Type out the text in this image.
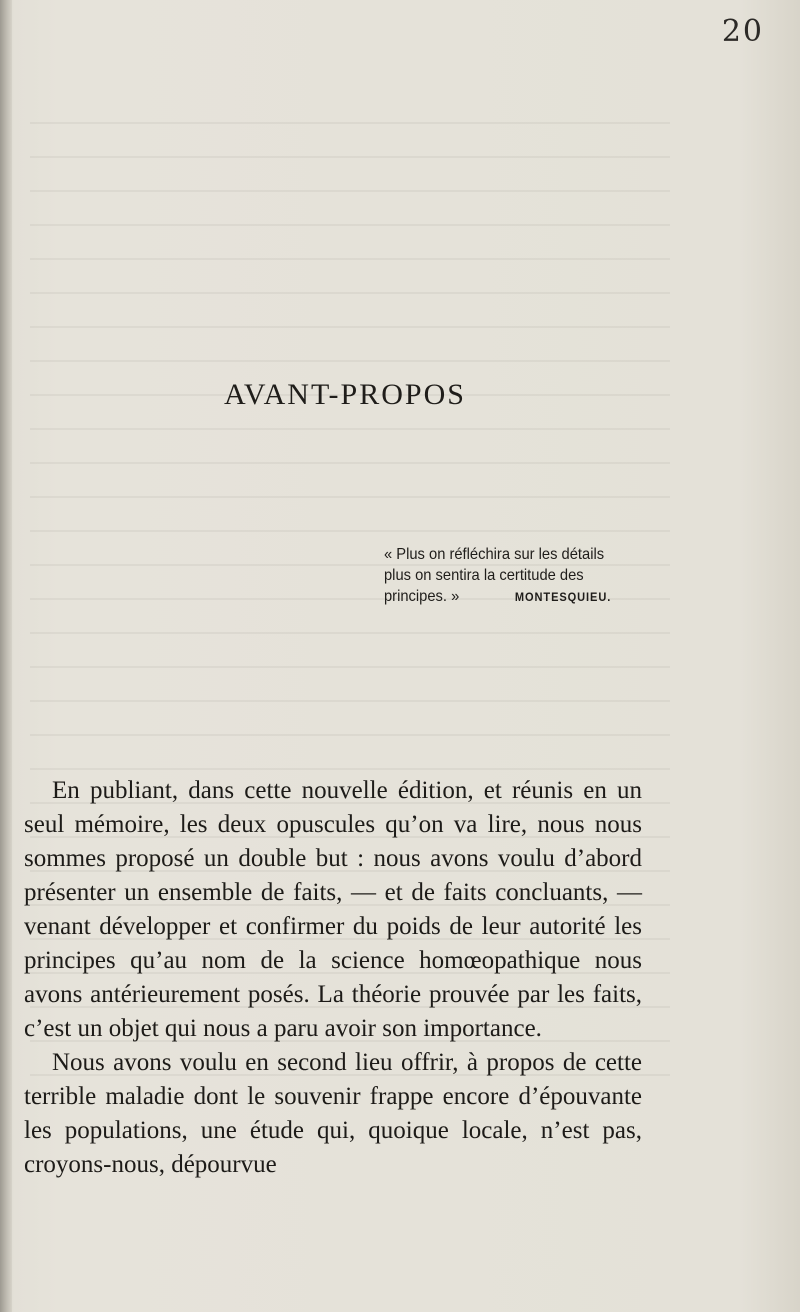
20
AVANT-PROPOS
« Plus on réfléchira sur les détails plus on sentira la certitude des principes. »	MONTESQUIEU.

En publiant, dans cette nouvelle édition, et réunis en un seul mémoire, les deux opuscules qu’on va lire, nous nous sommes proposé un double but : nous avons voulu d’abord présenter un ensemble de faits, — et de faits concluants, — venant développer et confirmer du poids de leur autorité les principes qu’au nom de la science homœopathique nous avons antérieurement posés. La théorie prouvée par les faits, c’est un objet qui nous a paru avoir son importance.

Nous avons voulu en second lieu offrir, à propos de cette terrible maladie dont le souvenir frappe encore d’épouvante les populations, une étude qui, quoique locale, n’est pas, croyons-nous, dépourvue
